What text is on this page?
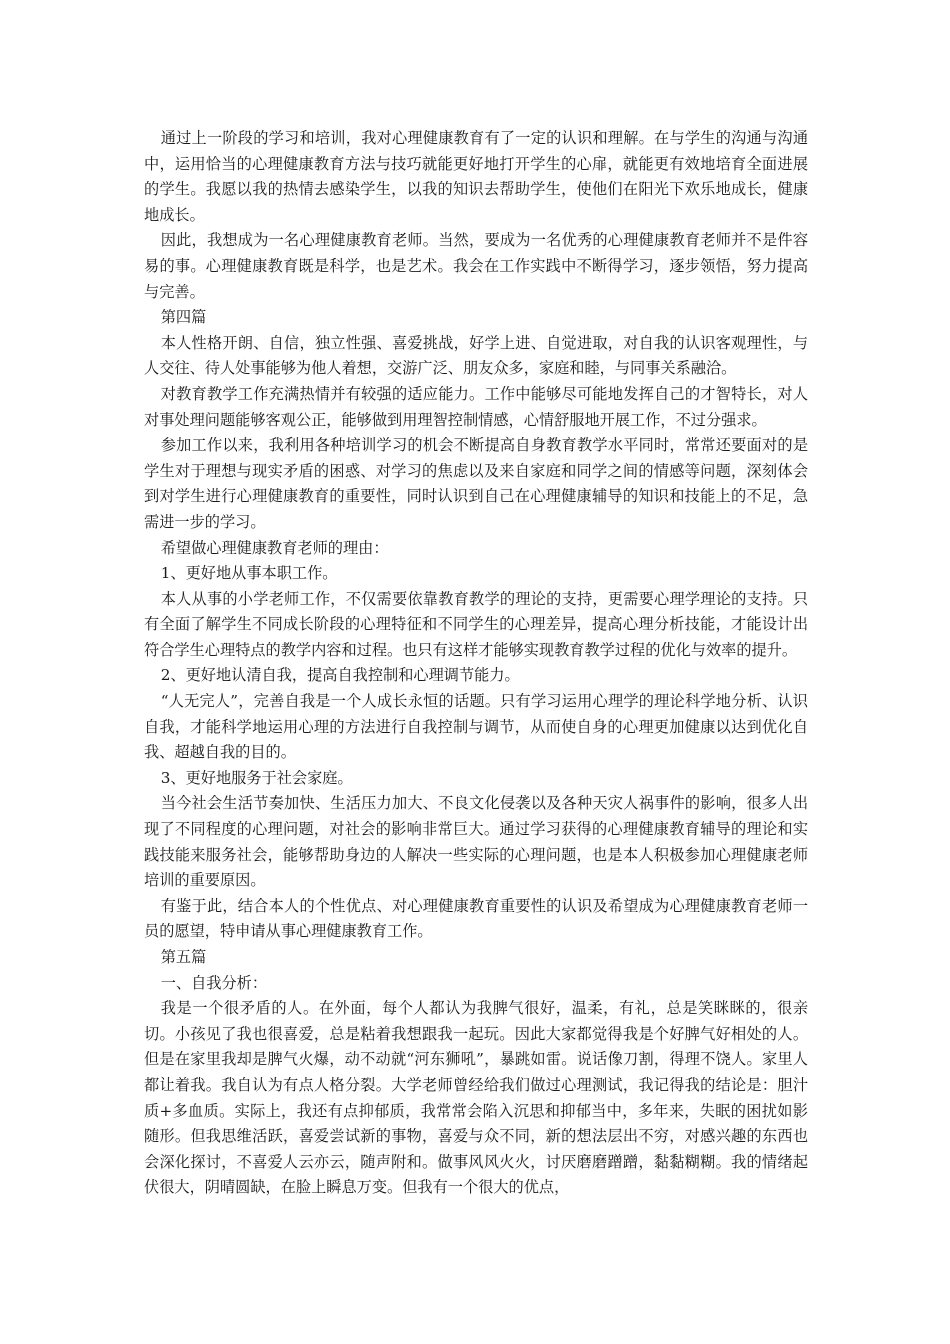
通过上一阶段的学习和培训，我对心理健康教育有了一定的认识和理解。在与学生的沟通与沟通中，运用恰当的心理健康教育方法与技巧就能更好地打开学生的心扉，就能更有效地培育全面进展的学生。我愿以我的热情去感染学生，以我的知识去帮助学生，使他们在阳光下欢乐地成长，健康地成长。

因此，我想成为一名心理健康教育老师。当然，要成为一名优秀的心理健康教育老师并不是件容易的事。心理健康教育既是科学，也是艺术。我会在工作实践中不断得学习，逐步领悟，努力提高与完善。

第四篇

本人性格开朗、自信，独立性强、喜爱挑战，好学上进、自觉进取，对自我的认识客观理性，与人交往、待人处事能够为他人着想，交游广泛、朋友众多，家庭和睦，与同事关系融洽。

对教育教学工作充满热情并有较强的适应能力。工作中能够尽可能地发挥自己的才智特长，对人对事处理问题能够客观公正，能够做到用理智控制情感，心情舒服地开展工作，不过分强求。

参加工作以来，我利用各种培训学习的机会不断提高自身教育教学水平同时，常常还要面对的是学生对于理想与现实矛盾的困惑、对学习的焦虑以及来自家庭和同学之间的情感等问题，深刻体会到对学生进行心理健康教育的重要性，同时认识到自己在心理健康辅导的知识和技能上的不足，急需进一步的学习。

希望做心理健康教育老师的理由：

1、更好地从事本职工作。

本人从事的小学老师工作，不仅需要依靠教育教学的理论的支持，更需要心理学理论的支持。只有全面了解学生不同成长阶段的心理特征和不同学生的心理差异，提高心理分析技能，才能设计出符合学生心理特点的教学内容和过程。也只有这样才能够实现教育教学过程的优化与效率的提升。

2、更好地认清自我，提高自我控制和心理调节能力。

“人无完人”，完善自我是一个人成长永恒的话题。只有学习运用心理学的理论科学地分析、认识自我，才能科学地运用心理的方法进行自我控制与调节，从而使自身的心理更加健康以达到优化自我、超越自我的目的。

3、更好地服务于社会家庭。

当今社会生活节奏加快、生活压力加大、不良文化侵袭以及各种天灾人祸事件的影响，很多人出现了不同程度的心理问题，对社会的影响非常巨大。通过学习获得的心理健康教育辅导的理论和实践技能来服务社会，能够帮助身边的人解决一些实际的心理问题，也是本人积极参加心理健康老师培训的重要原因。

有鉴于此，结合本人的个性优点、对心理健康教育重要性的认识及希望成为心理健康教育老师一员的愿望，特申请从事心理健康教育工作。

第五篇

一、自我分析：

我是一个很矛盾的人。在外面，每个人都认为我脾气很好，温柔，有礼，总是笑眯眯的，很亲切。小孩见了我也很喜爱，总是粘着我想跟我一起玩。因此大家都觉得我是个好脾气好相处的人。但是在家里我却是脾气火爆，动不动就“河东狮吼”，暴跳如雷。说话像刀割，得理不饶人。家里人都让着我。我自认为有点人格分裂。大学老师曾经给我们做过心理测试，我记得我的结论是：胆汁质+多血质。实际上，我还有点抑郁质，我常常会陷入沉思和抑郁当中，多年来，失眠的困扰如影随形。但我思维活跃，喜爱尝试新的事物，喜爱与众不同，新的想法层出不穷，对感兴趣的东西也会深化探讨，不喜爱人云亦云，随声附和。做事风风火火，讨厌磨磨蹭蹭，黏黏糊糊。我的情绪起伏很大，阴晴圆缺，在脸上瞬息万变。但我有一个很大的优点，
